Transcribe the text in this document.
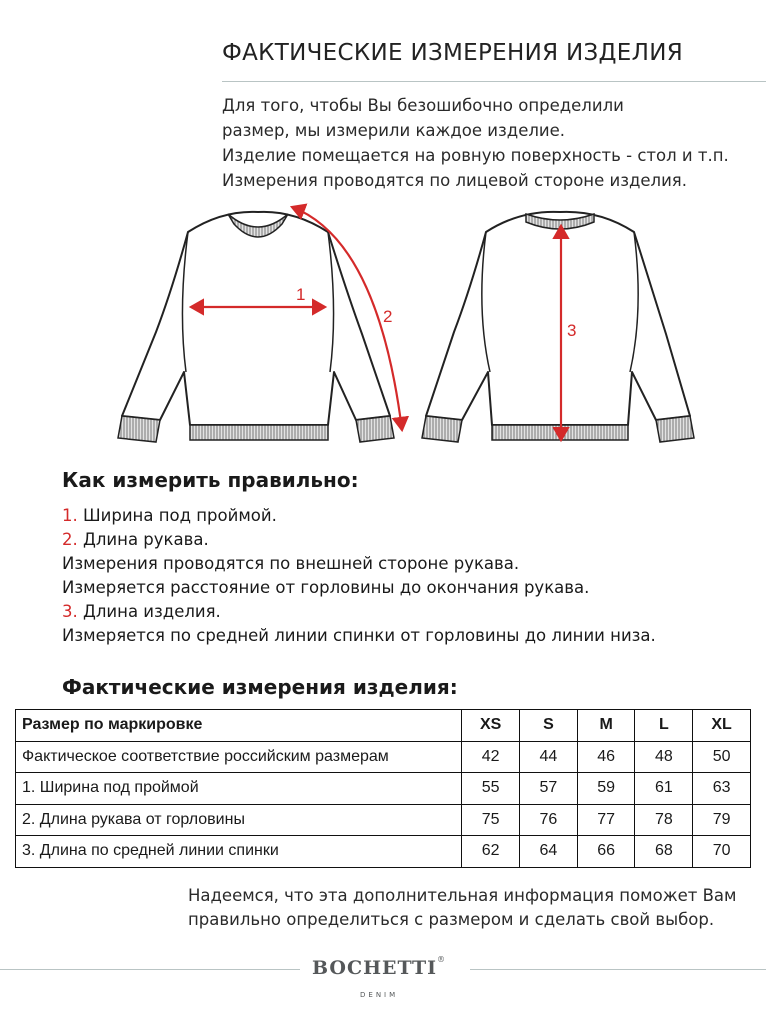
ФАКТИЧЕСКИЕ ИЗМЕРЕНИЯ ИЗДЕЛИЯ
Для того, чтобы Вы безошибочно определили
размер, мы измерили каждое изделие.
Изделие помещается на ровную поверхность - стол и т.п.
Измерения проводятся по лицевой стороне изделия.
1
2
3
Как измерить правильно:
1. Ширина под проймой.
2. Длина рукава.
Измерения проводятся по внешней стороне рукава.
Измеряется расстояние от горловины до окончания рукава.
3. Длина изделия.
Измеряется по средней линии спинки от горловины до линии низа.
Фактические измерения изделия:
Размер по маркировке	XS	S	M	L	XL
Фактическое соответствие российским размерам	42	44	46	48	50
1. Ширина под проймой	55	57	59	61	63
2. Длина рукава от горловины	75	76	77	78	79
3. Длина по средней линии спинки	62	64	66	68	70
Надеемся, что эта дополнительная информация поможет Вам
правильно определиться с размером и сделать свой выбор.
BOCHETTI®
DENIM
